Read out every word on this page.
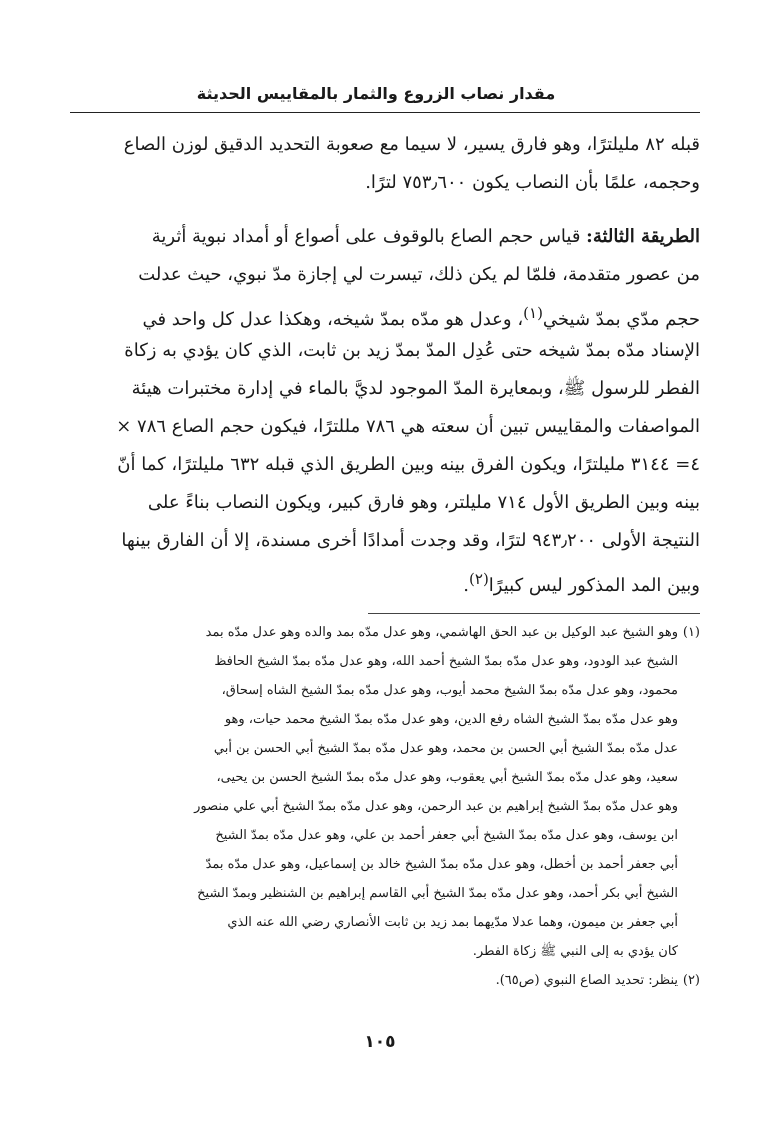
مقدار نصاب الزروع والثمار بالمقاييس الحديثة
قبله ٨٢ مليلترًا، وهو فارق يسير، لا سيما مع صعوبة التحديد الدقيق لوزن الصاع
وحجمه، علمًا بأن النصاب يكون ٧٥٣٫٦٠٠ لترًا.
الطريقة الثالثة: قياس حجم الصاع بالوقوف على أصواع أو أمداد نبوية أثرية
من عصور متقدمة، فلمّا لم يكن ذلك، تيسرت لي إجازة مدّ نبوي، حيث عدلت
حجم مدّي بمدّ شيخي$^{(١)}$، وعدل هو مدّه بمدّ شيخه، وهكذا عدل كل واحد في
الإسناد مدّه بمدّ شيخه حتى عُدِل المدّ بمدّ زيد بن ثابت، الذي كان يؤدي به زكاة
الفطر للرسول ﷺ، وبمعايرة المدّ الموجود لديَّ بالماء في إدارة مختبرات هيئة
المواصفات والمقاييس تبين أن سعته هي ٧٨٦ مللترًا، فيكون حجم الصاع ٧٨٦ ×
٤= ٣١٤٤ مليلترًا، ويكون الفرق بينه وبين الطريق الذي قبله ٦٣٢ مليلترًا، كما أنّ
بينه وبين الطريق الأول ٧١٤ مليلتر، وهو فارق كبير، ويكون النصاب بناءً على
النتيجة الأولى ٩٤٣٫٢٠٠ لترًا، وقد وجدت أمدادًا أخرى مسندة، إلا أن الفارق بينها
وبين المد المذكور ليس كبيرًا$^{(٢)}$.
(١)وهو الشيخ عبد الوكيل بن عبد الحق الهاشمي، وهو عدل مدّه بمد والده وهو عدل مدّه بمد
الشيخ عبد الودود، وهو عدل مدّه بمدّ الشيخ أحمد الله، وهو عدل مدّه بمدّ الشيخ الحافظ
محمود، وهو عدل مدّه بمدّ الشيخ محمد أيوب، وهو عدل مدّه بمدّ الشيخ الشاه إسحاق،
وهو عدل مدّه بمدّ الشيخ الشاه رفع الدين، وهو عدل مدّه بمدّ الشيخ محمد حيات، وهو
عدل مدّه بمدّ الشيخ أبي الحسن بن محمد، وهو عدل مدّه بمدّ الشيخ أبي الحسن بن أبي
سعيد، وهو عدل مدّه بمدّ الشيخ أبي يعقوب، وهو عدل مدّه بمدّ الشيخ الحسن بن يحيى،
وهو عدل مدّه بمدّ الشيخ إبراهيم بن عبد الرحمن، وهو عدل مدّه بمدّ الشيخ أبي علي منصور
ابن يوسف، وهو عدل مدّه بمدّ الشيخ أبي جعفر أحمد بن علي، وهو عدل مدّه بمدّ الشيخ
أبي جعفر أحمد بن أخطل، وهو عدل مدّه بمدّ الشيخ خالد بن إسماعيل، وهو عدل مدّه بمدّ
الشيخ أبي بكر أحمد، وهو عدل مدّه بمدّ الشيخ أبي القاسم إبراهيم بن الشنظير وبمدّ الشيخ
أبي جعفر بن ميمون، وهما عدلا مدّيهما بمد زيد بن ثابت الأنصاري رضي الله عنه الذي
كان يؤدي به إلى النبي ﷺ زكاة الفطر.
(٢)ينظر: تحديد الصاع النبوي (ص٦٥).
١٠٥
